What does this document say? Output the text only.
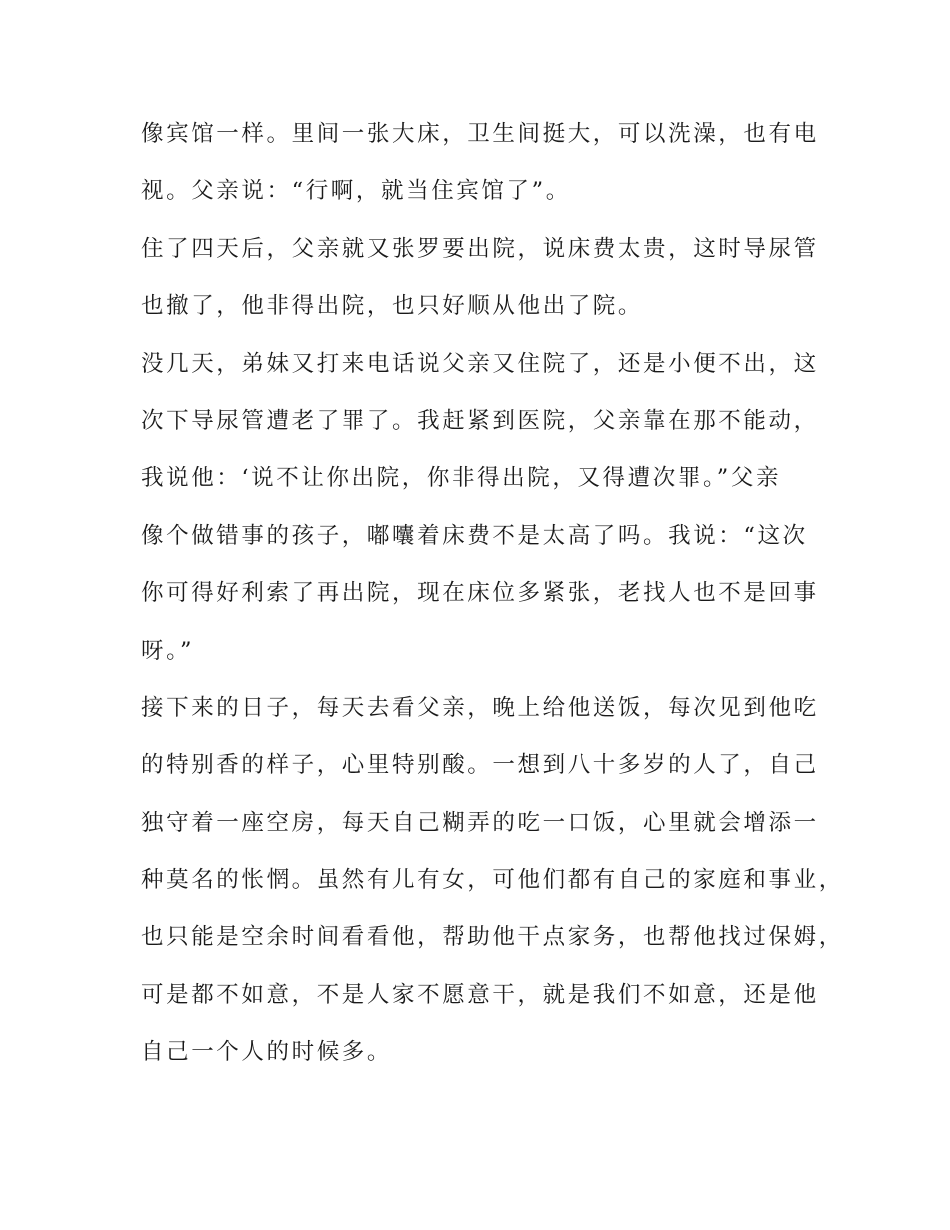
像宾馆一样。里间一张大床，卫生间挺大，可以洗澡，也有电
视。父亲说：“行啊，就当住宾馆了”。
住了四天后，父亲就又张罗要出院，说床费太贵，这时导尿管
也撤了，他非得出院，也只好顺从他出了院。
没几天，弟妹又打来电话说父亲又住院了，还是小便不出，这
次下导尿管遭老了罪了。我赶紧到医院，父亲靠在那不能动，
我说他：‘说不让你出院，你非得出院，又得遭次罪。”父亲
像个做错事的孩子，嘟囔着床费不是太高了吗。我说：“这次
你可得好利索了再出院，现在床位多紧张，老找人也不是回事
呀。”
接下来的日子，每天去看父亲，晚上给他送饭，每次见到他吃
的特别香的样子，心里特别酸。一想到八十多岁的人了，自己
独守着一座空房，每天自己糊弄的吃一口饭，心里就会增添一
种莫名的怅惘。虽然有儿有女，可他们都有自己的家庭和事业，
也只能是空余时间看看他，帮助他干点家务，也帮他找过保姆，
可是都不如意，不是人家不愿意干，就是我们不如意，还是他
自己一个人的时候多。
